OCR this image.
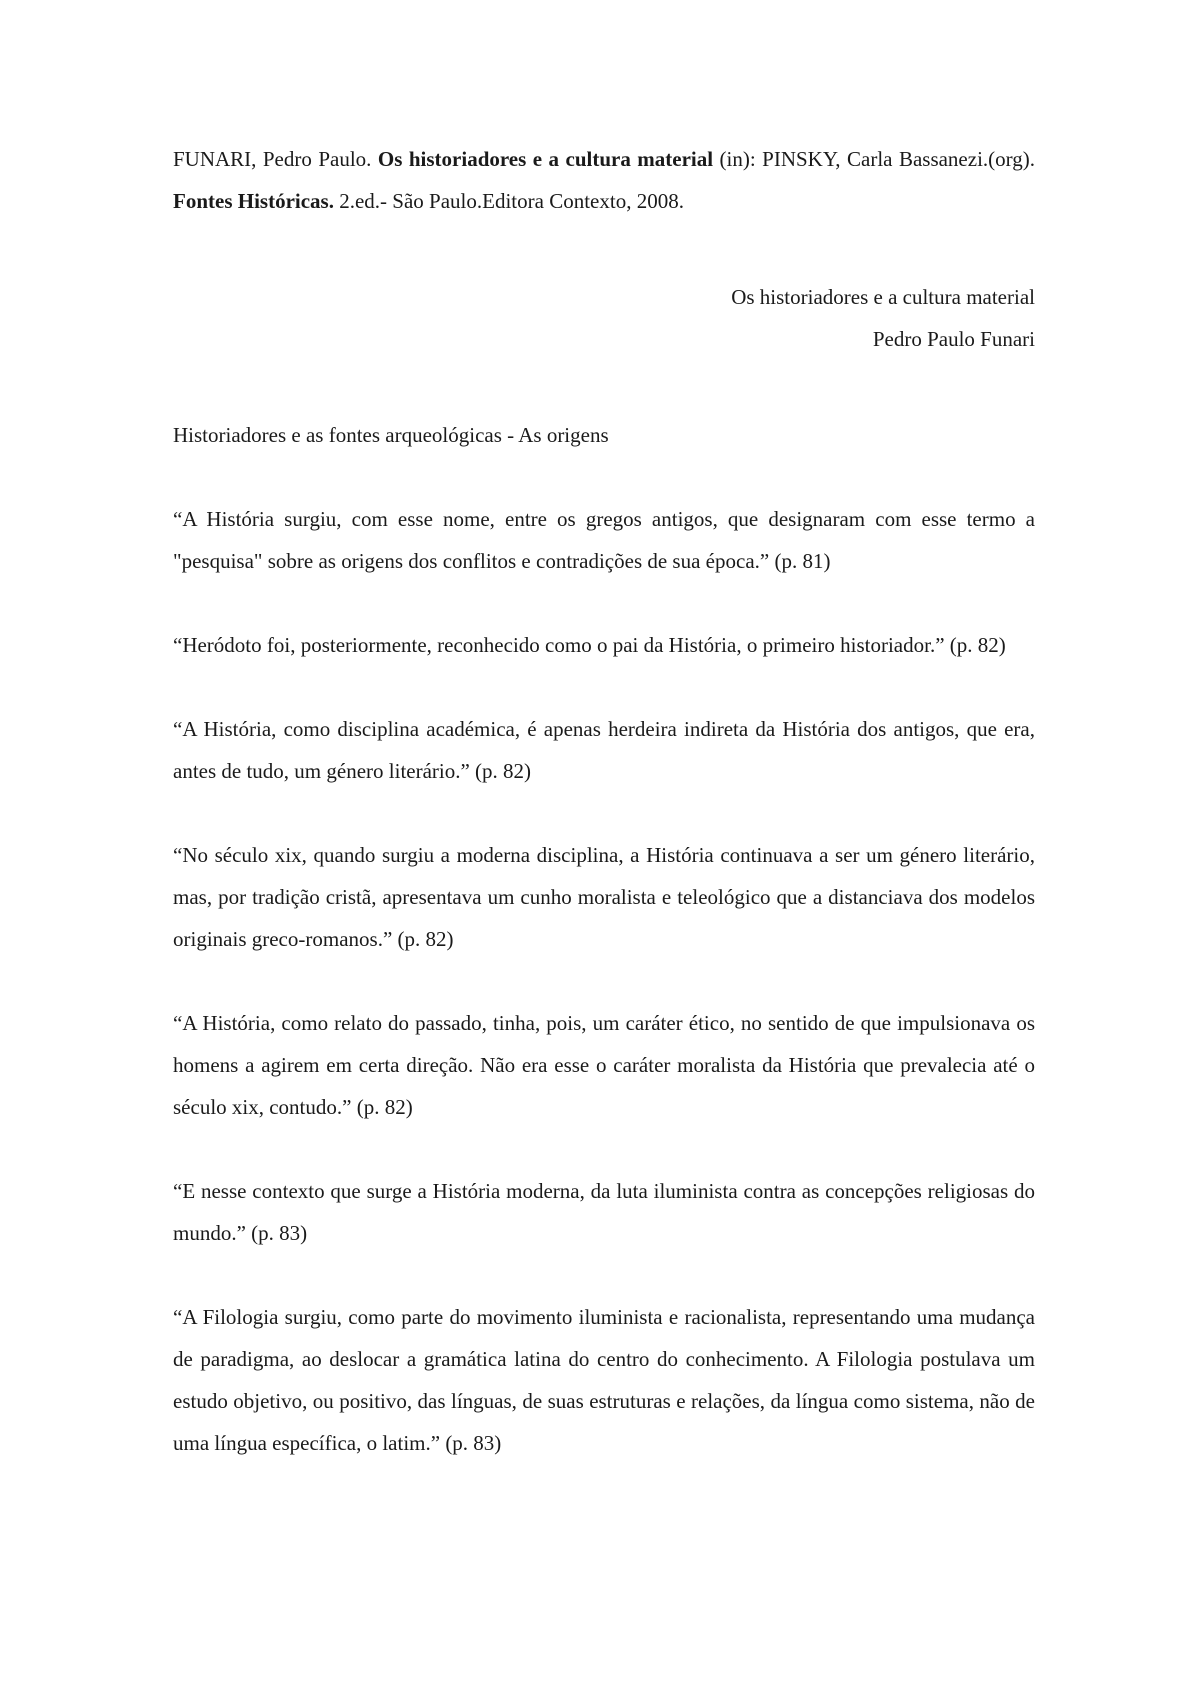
FUNARI, Pedro Paulo. Os historiadores e a cultura material (in): PINSKY, Carla Bassanezi.(org). Fontes Históricas. 2.ed.- São Paulo.Editora Contexto, 2008.

Os historiadores e a cultura material
Pedro Paulo Funari

Historiadores e as fontes arqueológicas - As origens

“A História surgiu, com esse nome, entre os gregos antigos, que designaram com esse termo a "pesquisa" sobre as origens dos conflitos e contradições de sua época.” (p. 81)

“Heródoto foi, posteriormente, reconhecido como o pai da História, o primeiro historiador.” (p. 82)

“A História, como disciplina académica, é apenas herdeira indireta da História dos antigos, que era, antes de tudo, um género literário.” (p. 82)

“No século xix, quando surgiu a moderna disciplina, a História continuava a ser um género literário, mas, por tradição cristã, apresentava um cunho moralista e teleológico que a distanciava dos modelos originais greco-romanos.” (p. 82)

“A História, como relato do passado, tinha, pois, um caráter ético, no sentido de que impulsionava os homens a agirem em certa direção. Não era esse o caráter moralista da História que prevalecia até o século xix, contudo.” (p. 82)

“E nesse contexto que surge a História moderna, da luta iluminista contra as concepções religiosas do mundo.” (p. 83)

“A Filologia surgiu, como parte do movimento iluminista e racionalista, representando uma mudança de paradigma, ao deslocar a gramática latina do centro do conhecimento. A Filologia postulava um estudo objetivo, ou positivo, das línguas, de suas estruturas e relações, da língua como sistema, não de uma língua específica, o latim.” (p. 83)
